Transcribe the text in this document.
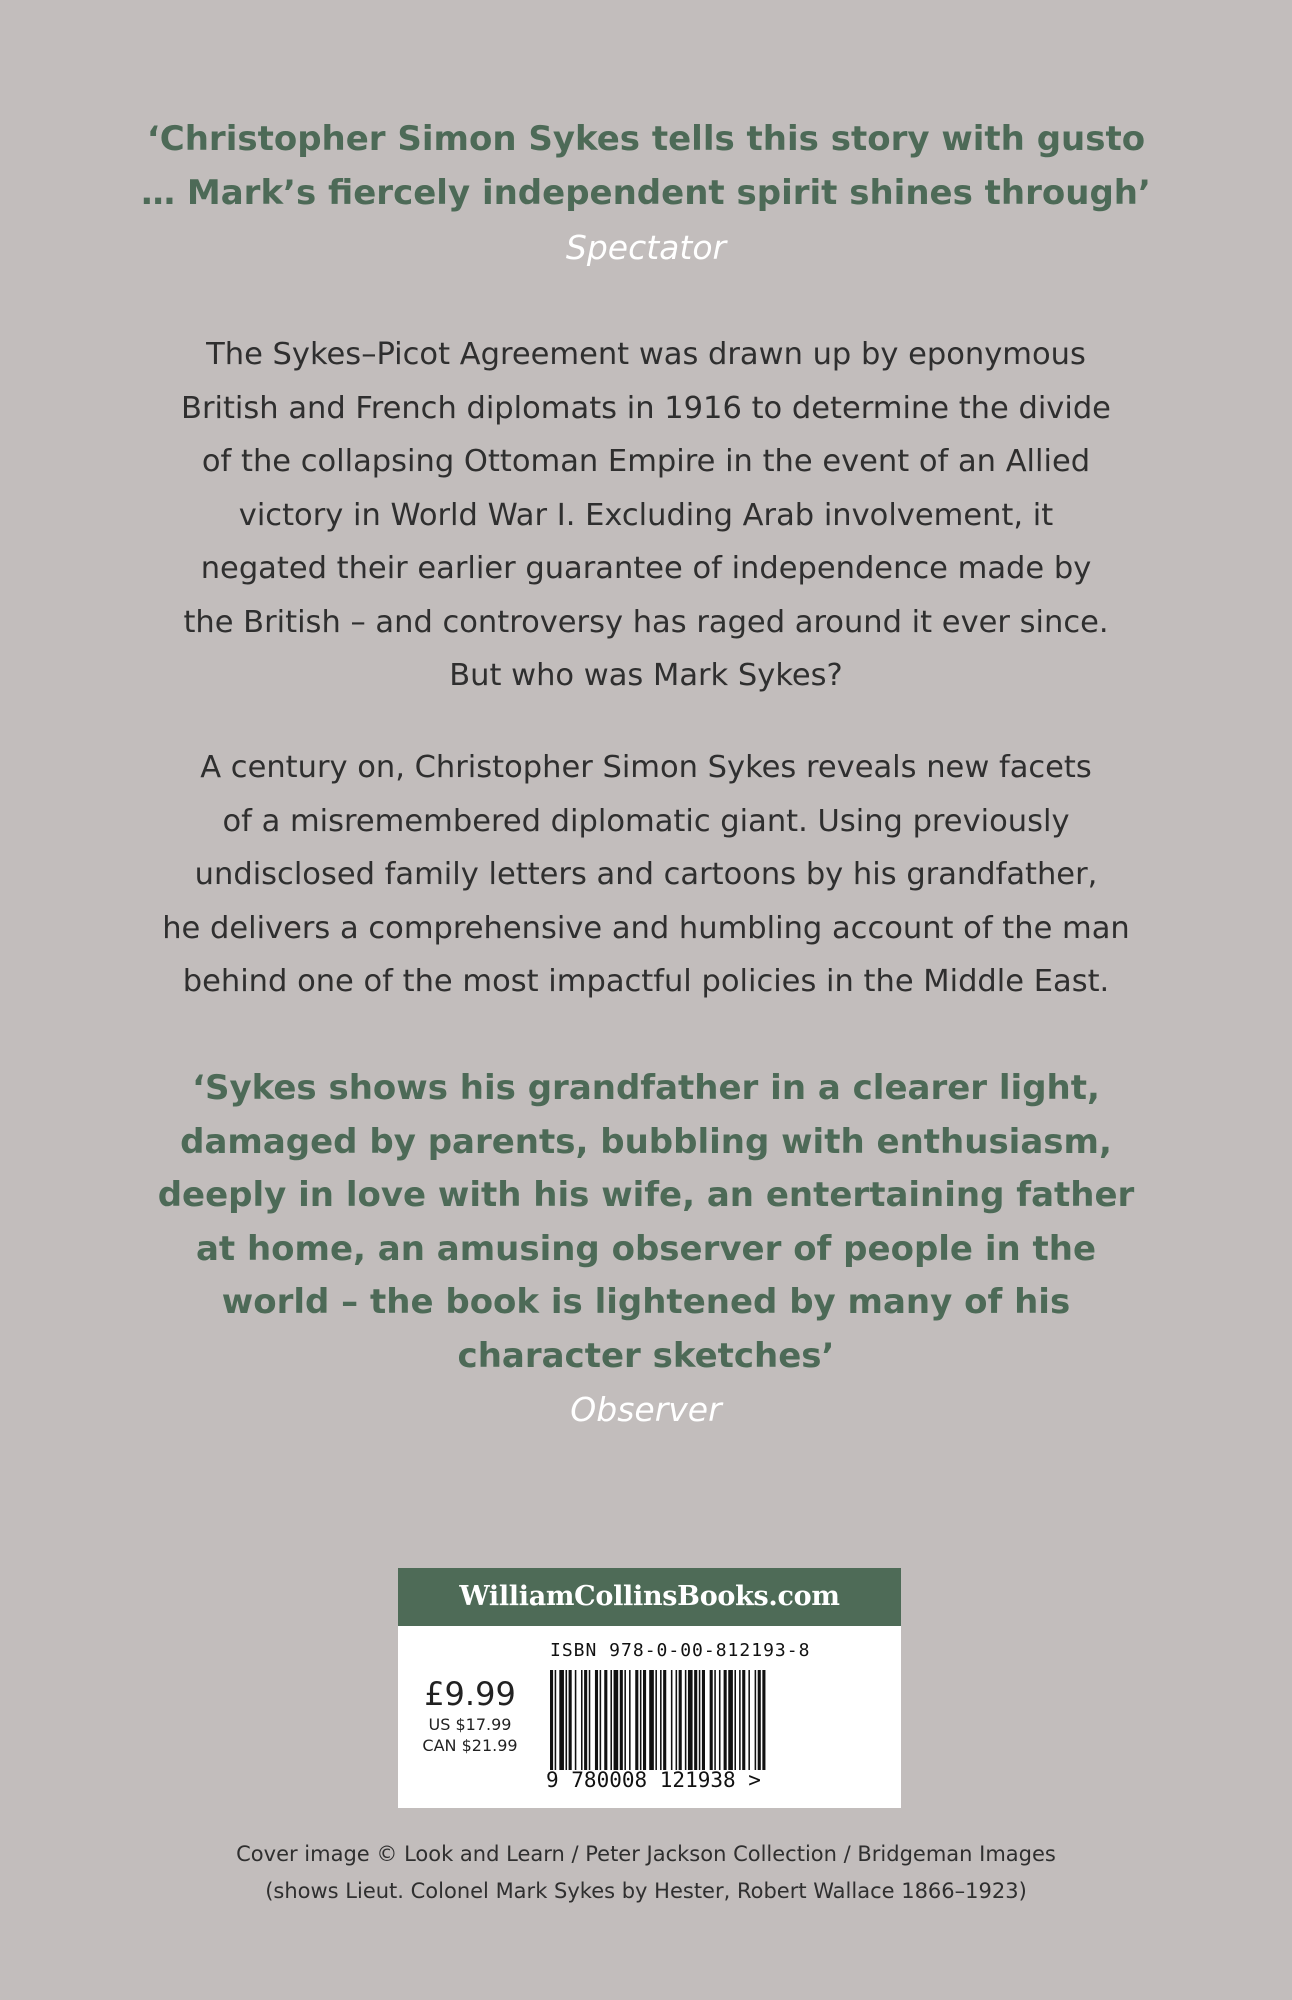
‘Christopher Simon Sykes tells this story with gusto
… Mark’s fiercely independent spirit shines through’
Spectator
The Sykes–Picot Agreement was drawn up by eponymous
British and French diplomats in 1916 to determine the divide
of the collapsing Ottoman Empire in the event of an Allied
victory in World War I. Excluding Arab involvement, it
negated their earlier guarantee of independence made by
the British – and controversy has raged around it ever since.
But who was Mark Sykes?
A century on, Christopher Simon Sykes reveals new facets
of a misremembered diplomatic giant. Using previously
undisclosed family letters and cartoons by his grandfather,
he delivers a comprehensive and humbling account of the man
behind one of the most impactful policies in the Middle East.
‘Sykes shows his grandfather in a clearer light,
damaged by parents, bubbling with enthusiasm,
deeply in love with his wife, an entertaining father
at home, an amusing observer of people in the
world – the book is lightened by many of his
character sketches’
Observer
WilliamCollinsBooks.com
£9.99
US $17.99
CAN $21.99
ISBN 978-0-00-812193-8
9 780008 121938 >
Cover image © Look and Learn / Peter Jackson Collection / Bridgeman Images
(shows Lieut. Colonel Mark Sykes by Hester, Robert Wallace 1866–1923)
